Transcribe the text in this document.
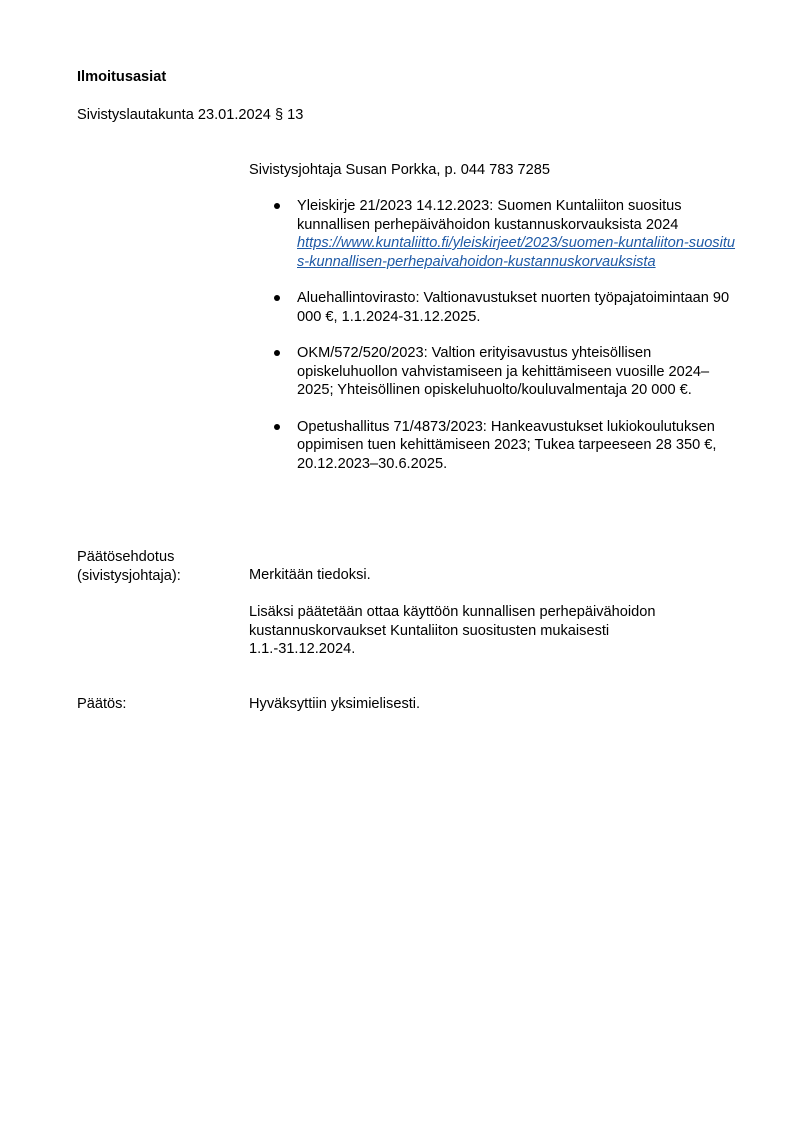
Ilmoitusasiat
Sivistyslautakunta 23.01.2024 § 13
Sivistysjohtaja Susan Porkka, p. 044 783 7285
Yleiskirje 21/2023 14.12.2023: Suomen Kuntaliiton suositus kunnallisen perhepäivähoidon kustannuskorvauksista 2024
https://www.kuntaliitto.fi/yleiskirjeet/2023/suomen-kuntaliiton-suositus-kunnallisen-perhepaivahoidon-kustannuskorvauksista
Aluehallintovirasto: Valtionavustukset nuorten työpajatoimintaan 90 000 €, 1.1.2024-31.12.2025.
OKM/572/520/2023: Valtion erityisavustus yhteisöllisen opiskeluhuollon vahvistamiseen ja kehittämiseen vuosille 2024–2025; Yhteisöllinen opiskeluhuolto/kouluvalmentaja 20 000 €.
Opetushallitus 71/4873/2023: Hankeavustukset lukiokoulutuksen oppimisen tuen kehittämiseen 2023; Tukea tarpeeseen 28 350 €, 20.12.2023–30.6.2025.
Päätösehdotus
(sivistysjohtaja):	Merkitään tiedoksi.
Lisäksi päätetään ottaa käyttöön kunnallisen perhepäivähoidon kustannuskorvaukset Kuntaliiton suositusten mukaisesti 1.1.-31.12.2024.
Päätös:	Hyväksyttiin yksimielisesti.
